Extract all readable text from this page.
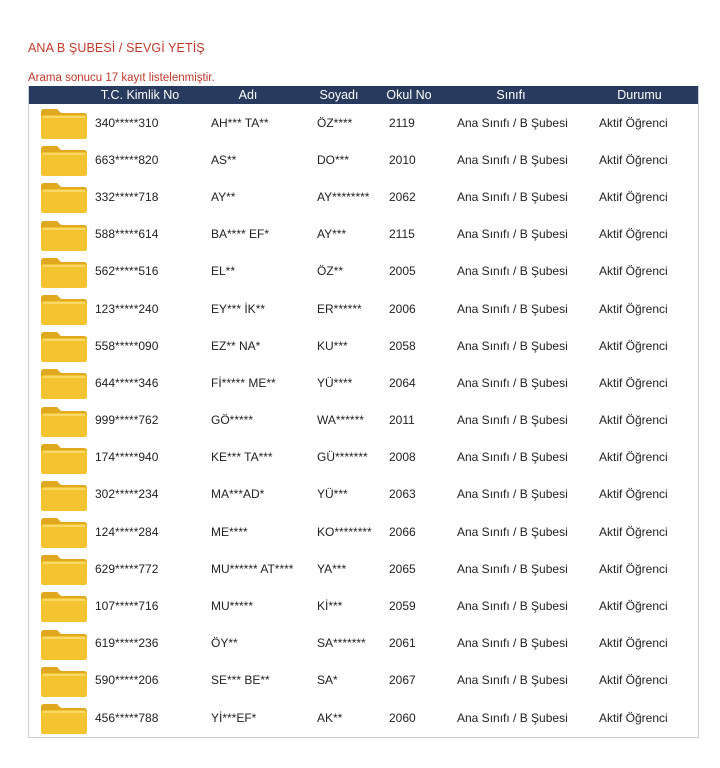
ANA B ŞUBESİ / SEVGİ YETİŞ
Arama sonucu 17 kayıt listelenmiştir.
T.C. Kimlik No	Adı	Soyadı	Okul No	Sınıfı	Durumu
340*****310	AH*** TA**	ÖZ****	2119	Ana Sınıfı / B Şubesi	Aktif Öğrenci
663*****820	AS**	DO***	2010	Ana Sınıfı / B Şubesi	Aktif Öğrenci
332*****718	AY**	AY********	2062	Ana Sınıfı / B Şubesi	Aktif Öğrenci
588*****614	BA**** EF*	AY***	2115	Ana Sınıfı / B Şubesi	Aktif Öğrenci
562*****516	EL**	ÖZ**	2005	Ana Sınıfı / B Şubesi	Aktif Öğrenci
123*****240	EY*** İK**	ER******	2006	Ana Sınıfı / B Şubesi	Aktif Öğrenci
558*****090	EZ** NA*	KU***	2058	Ana Sınıfı / B Şubesi	Aktif Öğrenci
644*****346	Fİ***** ME**	YÜ****	2064	Ana Sınıfı / B Şubesi	Aktif Öğrenci
999*****762	GÖ*****	WA******	2011	Ana Sınıfı / B Şubesi	Aktif Öğrenci
174*****940	KE*** TA***	GÜ*******	2008	Ana Sınıfı / B Şubesi	Aktif Öğrenci
302*****234	MA***AD*	YÜ***	2063	Ana Sınıfı / B Şubesi	Aktif Öğrenci
124*****284	ME****	KO********	2066	Ana Sınıfı / B Şubesi	Aktif Öğrenci
629*****772	MU****** AT****	YA***	2065	Ana Sınıfı / B Şubesi	Aktif Öğrenci
107*****716	MU*****	Kİ***	2059	Ana Sınıfı / B Şubesi	Aktif Öğrenci
619*****236	ÖY**	SA*******	2061	Ana Sınıfı / B Şubesi	Aktif Öğrenci
590*****206	SE*** BE**	SA*	2067	Ana Sınıfı / B Şubesi	Aktif Öğrenci
456*****788	Yİ***EF*	AK**	2060	Ana Sınıfı / B Şubesi	Aktif Öğrenci
